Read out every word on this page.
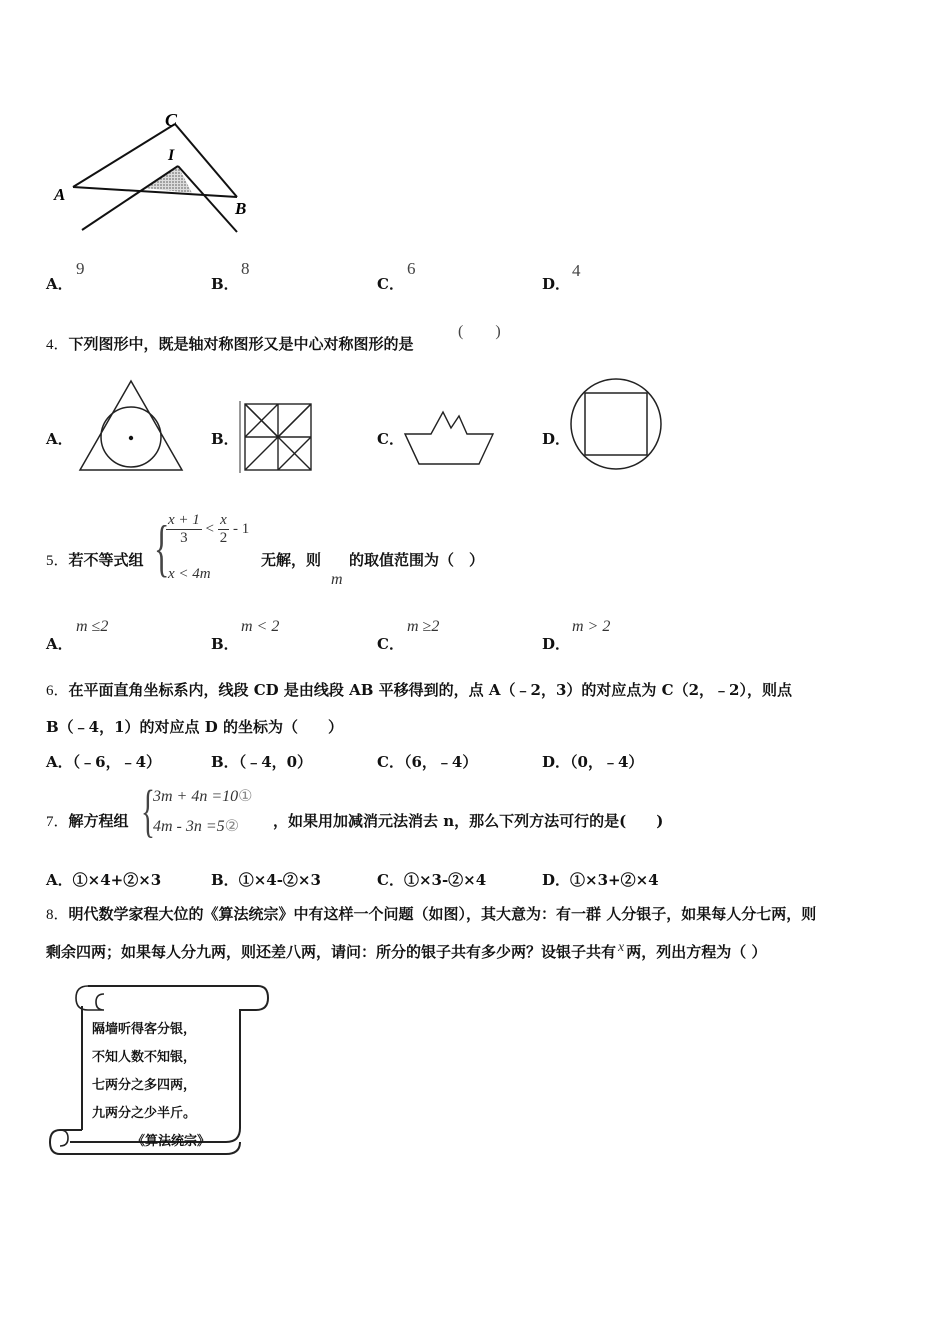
C
I
A
B
A．
9
B．
8
C．
6
D．
4
4．下列图形中，既是轴对称图形又是中心对称图形的是
(　　)
A．	B．	C．	D．
5．若不等式组 {
$\frac{x + 1}{3} < \frac{x}{2} - 1$
x < 4m
无解，则
m
的取值范围为（　）
A．
m ≤2
B．
m < 2
C．
m ≥2
D．
m > 2
6．在平面直角坐标系内，线段 CD 是由线段 AB 平移得到的，点 A（﹣2，3）的对应点为 C（2，﹣2），则点
B（﹣4，1）的对应点 D 的坐标为（　　）
A．（﹣6，﹣4）	B．（﹣4，0）	C．（6，﹣4）	D．（0，﹣4）
7．解方程组 {
3m + 4n =10①
4m - 3n =5② ，如果用加减消元法消去 n，那么下列方法可行的是(　　)
A．①×4+②×3	B．①×4-②×3	C．①×3-②×4	D．①×3+②×4
8．明代数学家程大位的《算法统宗》中有这样一个问题（如图），其大意为：有一群 人分银子，如果每人分七两，则
剩余四两；如果每人分九两，则还差八两，请问：所分的银子共有多少两？设银子共有 x 两，列出方程为（ ）
隔墙听得客分银，
不知人数不知银，
七两分之多四两，
九两分之少半斤。
《算法统宗》
